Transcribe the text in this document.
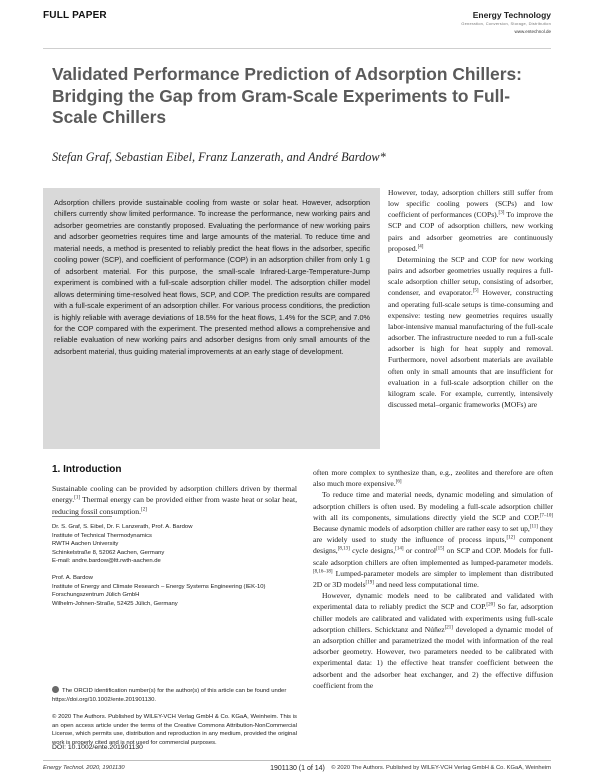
FULL PAPER	Energy Technology
Generation, Conversion, Storage, Distribution
www.entechnol.de
Validated Performance Prediction of Adsorption Chillers: Bridging the Gap from Gram-Scale Experiments to Full-Scale Chillers
Stefan Graf, Sebastian Eibel, Franz Lanzerath, and André Bardow*
Adsorption chillers provide sustainable cooling from waste or solar heat. However, adsorption chillers currently show limited performance. To increase the performance, new working pairs and adsorber geometries are constantly proposed. Evaluating the performance of new working pairs and adsorber geometries requires time and large amounts of the material. To reduce time and material needs, a method is presented to reliably predict the heat flows in the adsorber, specific cooling power (SCP), and coefficient of performance (COP) in an adsorption chiller from only 1 g of adsorbent material. For this purpose, the small-scale Infrared-Large-Temperature-Jump experiment is combined with a full-scale adsorption chiller model. The adsorption chiller model allows determining time-resolved heat flows, SCP, and COP. The prediction results are compared with a full-scale experiment of an adsorption chiller. For various process conditions, the prediction is highly reliable with average deviations of 18.5% for the heat flows, 1.4% for the SCP, and 7.0% for the COP compared with the experiment. The presented method allows a comprehensive and reliable evaluation of new working pairs and adsorber designs from only small amounts of the adsorbent material, thus guiding material improvements at an early stage of development.

However, today, adsorption chillers still suffer from low specific cooling powers (SCPs) and low coefficient of performances (COPs).[3] To improve the SCP and COP of adsorption chillers, new working pairs and adsorber geometries are continuously proposed.[4]

Determining the SCP and COP for new working pairs and adsorber geometries usually requires a full-scale adsorption chiller setup, consisting of adsorber, condenser, and evaporator.[5] However, constructing and operating full-scale setups is time-consuming and expensive: testing new geometries requires usually labor-intensive manual manufacturing of the full-scale adsorber. The infrastructure needed to run a full-scale adsorber is high for heat supply and removal. Furthermore, novel adsorbent materials are available often only in small amounts that are insufficient for evaluation in a full-scale adsorption chiller on the kilogram scale. For example, currently, intensively discussed metal–organic frameworks (MOFs) are

1. Introduction
Sustainable cooling can be provided by adsorption chillers driven by thermal energy.[1] Thermal energy can be provided either from waste heat or solar heat, reducing fossil consumption.[2]
Dr. S. Graf, S. Eibel, Dr. F. Lanzerath, Prof. A. Bardow
Institute of Technical Thermodynamics
RWTH Aachen University
Schinkelstraße 8, 52062 Aachen, Germany
E-mail: andre.bardow@ltt.rwth-aachen.de
Prof. A. Bardow
Institute of Energy and Climate Research – Energy Systems Engineering (IEK-10)
Forschungszentrum Jülich GmbH
Wilhelm-Johnen-Straße, 52425 Jülich, Germany
The ORCID identification number(s) for the author(s) of this article can be found under https://doi.org/10.1002/ente.201901130.
© 2020 The Authors. Published by WILEY-VCH Verlag GmbH & Co. KGaA, Weinheim. This is an open access article under the terms of the Creative Commons Attribution-NonCommercial License, which permits use, distribution and reproduction in any medium, provided the original work is properly cited and is not used for commercial purposes.
DOI: 10.1002/ente.201901130

often more complex to synthesize than, e.g., zeolites and therefore are often also much more expensive.[6]

To reduce time and material needs, dynamic modeling and simulation of adsorption chillers is often used. By modeling a full-scale adsorption chiller with all its components, simulations directly yield the SCP and COP.[7–10] Because dynamic models of adsorption chiller are rather easy to set up,[11] they are widely used to study the influence of process inputs,[12] component designs,[8,13] cycle designs,[14] or control[15] on SCP and COP. Models for full-scale adsorption chillers are often implemented as lumped-parameter models.[8,16–18] Lumped-parameter models are simpler to implement than distributed 2D or 3D models[19] and need less computational time.

However, dynamic models need to be calibrated and validated with experimental data to reliably predict the SCP and COP.[20] So far, adsorption chiller models are calibrated and validated with experiments using full-scale adsorption chillers. Schicktanz and Núñez[21] developed a dynamic model of an adsorption chiller and parametrized the model with information of the real adsorber geometry. However, two parameters needed to be calibrated with experimental data: 1) the effective heat transfer coefficient between the adsorbent and the adsorber heat exchanger, and 2) the effective diffusion coefficient from the

Energy Technol. 2020, 1901130	1901130 (1 of 14)	© 2020 The Authors. Published by WILEY-VCH Verlag GmbH & Co. KGaA, Weinheim
